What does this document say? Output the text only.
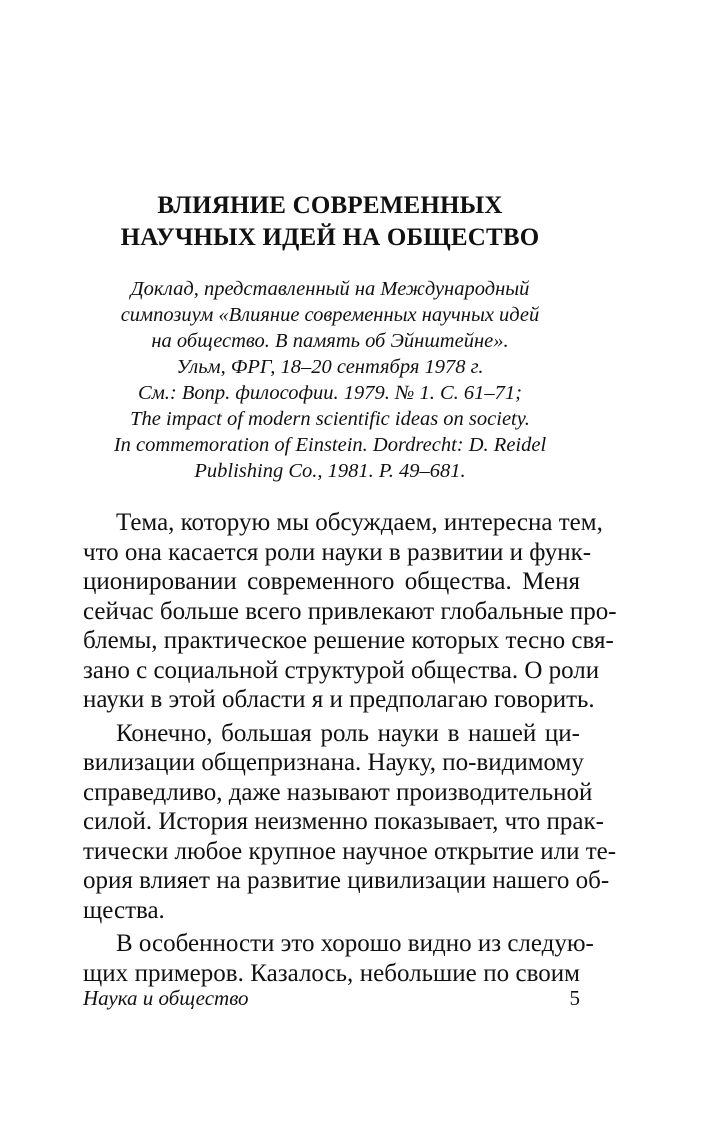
ВЛИЯНИЕ СОВРЕМЕННЫХ
НАУЧНЫХ ИДЕЙ НА ОБЩЕСТВО
Доклад, представленный на Международный
симпозиум «Влияние современных научных идей
на общество. В память об Эйнштейне».
Ульм, ФРГ, 18–20 сентября 1978 г.
См.: Вопр. философии. 1979. № 1. С. 61–71;
The impact of modern scientific ideas on society.
In commemoration of Einstein. Dordrecht: D. Reidel
Publishing Co., 1981. P. 49–681.
Тема, которую мы обсуждаем, интересна тем,
что она касается роли науки в развитии и функ-
ционировании современного общества. Меня
сейчас больше всего привлекают глобальные про-
блемы, практическое решение которых тесно свя-
зано с социальной структурой общества. О роли
науки в этой области я и предполагаю говорить.
Конечно, большая роль науки в нашей ци-
вилизации общепризнана. Науку, по-видимому
справедливо, даже называют производительной
силой. История неизменно показывает, что прак-
тически любое крупное научное открытие или те-
ория влияет на развитие цивилизации нашего об-
щества.
В особенности это хорошо видно из следую-
щих примеров. Казалось, небольшие по своим
Наука и общество	5
